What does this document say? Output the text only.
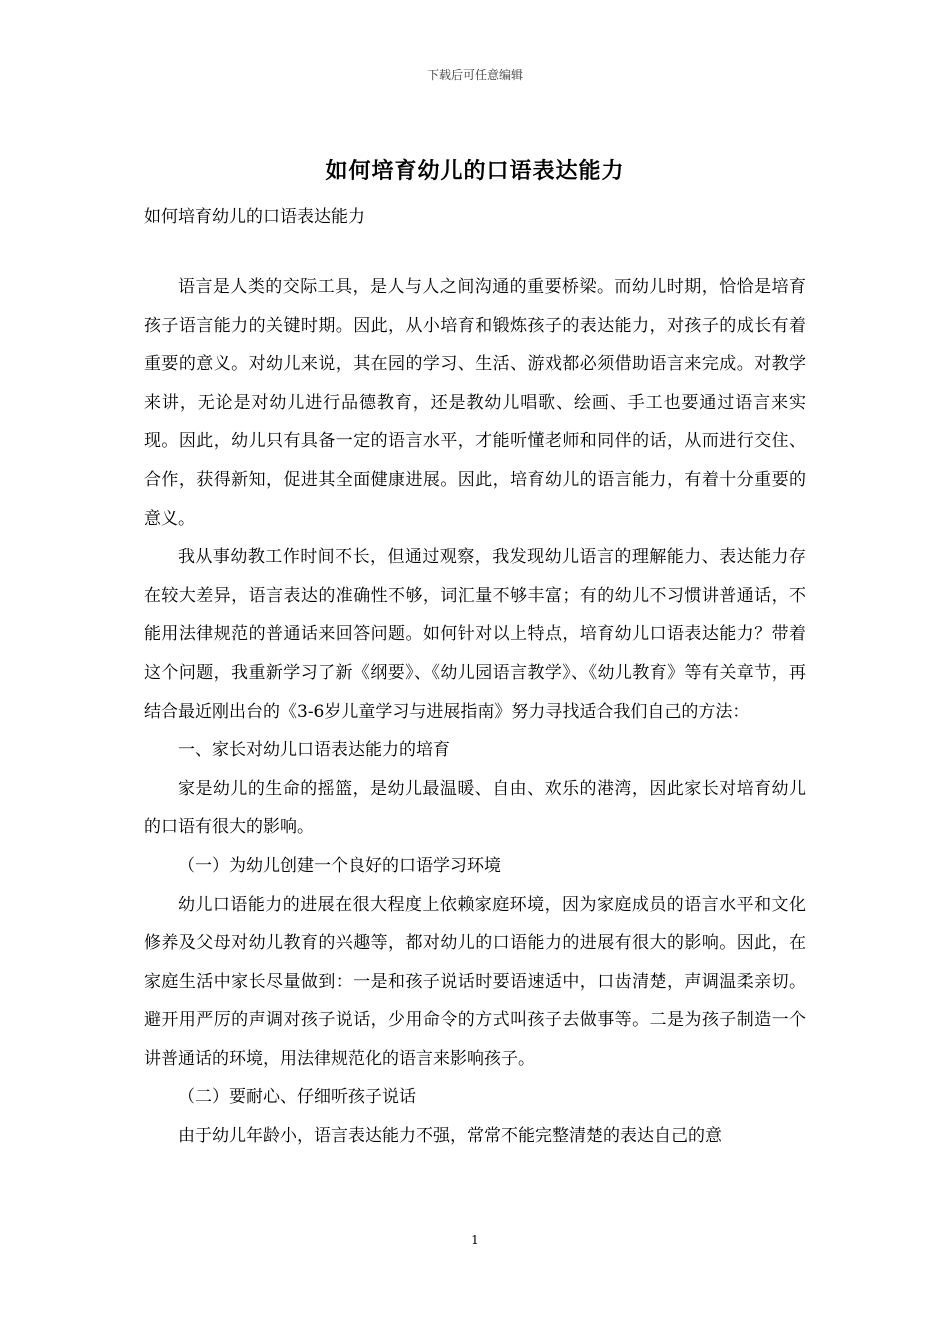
下载后可任意编辑
如何培育幼儿的口语表达能力
如何培育幼儿的口语表达能力

语言是人类的交际工具，是人与人之间沟通的重要桥梁。而幼儿时期，恰恰是培育孩子语言能力的关键时期。因此，从小培育和锻炼孩子的表达能力，对孩子的成长有着重要的意义。对幼儿来说，其在园的学习、生活、游戏都必须借助语言来完成。对教学来讲，无论是对幼儿进行品德教育，还是教幼儿唱歌、绘画、手工也要通过语言来实现。因此，幼儿只有具备一定的语言水平，才能听懂老师和同伴的话，从而进行交住、合作，获得新知，促进其全面健康进展。因此，培育幼儿的语言能力，有着十分重要的意义。

我从事幼教工作时间不长，但通过观察，我发现幼儿语言的理解能力、表达能力存在较大差异，语言表达的准确性不够，词汇量不够丰富；有的幼儿不习惯讲普通话，不能用法律规范的普通话来回答问题。如何针对以上特点，培育幼儿口语表达能力？带着这个问题，我重新学习了新《纲要》、《幼儿园语言教学》、《幼儿教育》等有关章节，再结合最近刚出台的《3-6岁儿童学习与进展指南》努力寻找适合我们自己的方法：

一、家长对幼儿口语表达能力的培育

家是幼儿的生命的摇篮，是幼儿最温暖、自由、欢乐的港湾，因此家长对培育幼儿的口语有很大的影响。

（一）为幼儿创建一个良好的口语学习环境

幼儿口语能力的进展在很大程度上依赖家庭环境，因为家庭成员的语言水平和文化修养及父母对幼儿教育的兴趣等，都对幼儿的口语能力的进展有很大的影响。因此，在家庭生活中家长尽量做到：一是和孩子说话时要语速适中，口齿清楚，声调温柔亲切。避开用严厉的声调对孩子说话，少用命令的方式叫孩子去做事等。二是为孩子制造一个讲普通话的环境，用法律规范化的语言来影响孩子。

（二）要耐心、仔细听孩子说话

由于幼儿年龄小，语言表达能力不强，常常不能完整清楚的表达自己的意

1
